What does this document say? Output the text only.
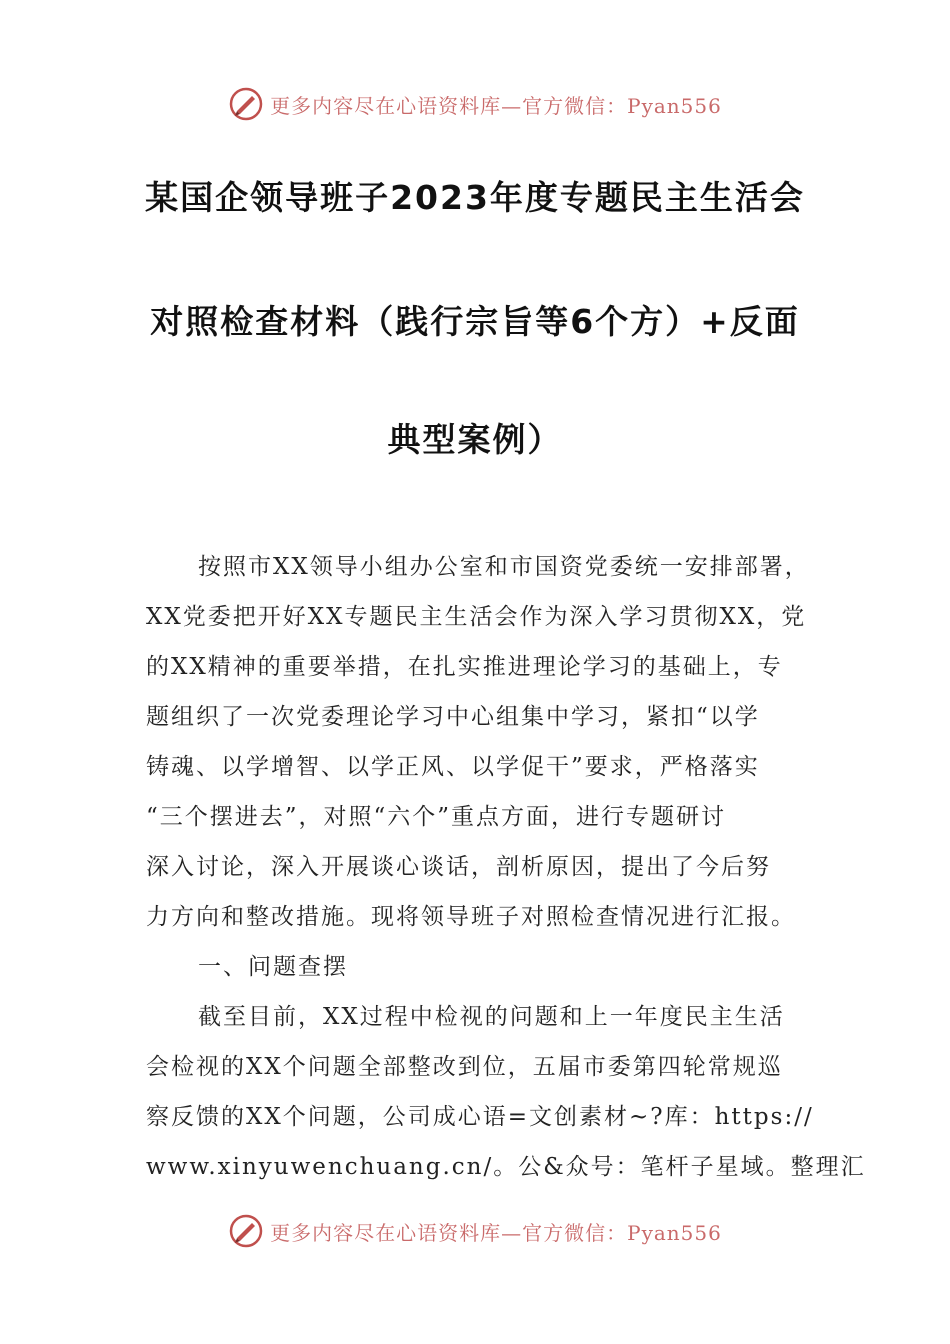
更多内容尽在心语资料库—官方微信：Pyan556
某国企领导班子2023年度专题民主生活会
对照检查材料（践行宗旨等6个方）+反面
典型案例）

按照市XX领导小组办公室和市国资党委统一安排部署，
XX党委把开好XX专题民主生活会作为深入学习贯彻XX，党
的XX精神的重要举措，在扎实推进理论学习的基础上，专
题组织了一次党委理论学习中心组集中学习，紧扣“以学
铸魂、以学增智、以学正风、以学促干”要求，严格落实
“三个摆进去”，对照“六个”重点方面，进行专题研讨
深入讨论，深入开展谈心谈话，剖析原因，提出了今后努
力方向和整改措施。现将领导班子对照检查情况进行汇报。

一、问题查摆

截至目前，XX过程中检视的问题和上一年度民主生活
会检视的XX个问题全部整改到位，五届市委第四轮常规巡
察反馈的XX个问题，公司成心语=文创素材~?库：https://
www.xinyuwenchuang.cn/。公&众号：笔杆子星域。整理汇

更多内容尽在心语资料库—官方微信：Pyan556
